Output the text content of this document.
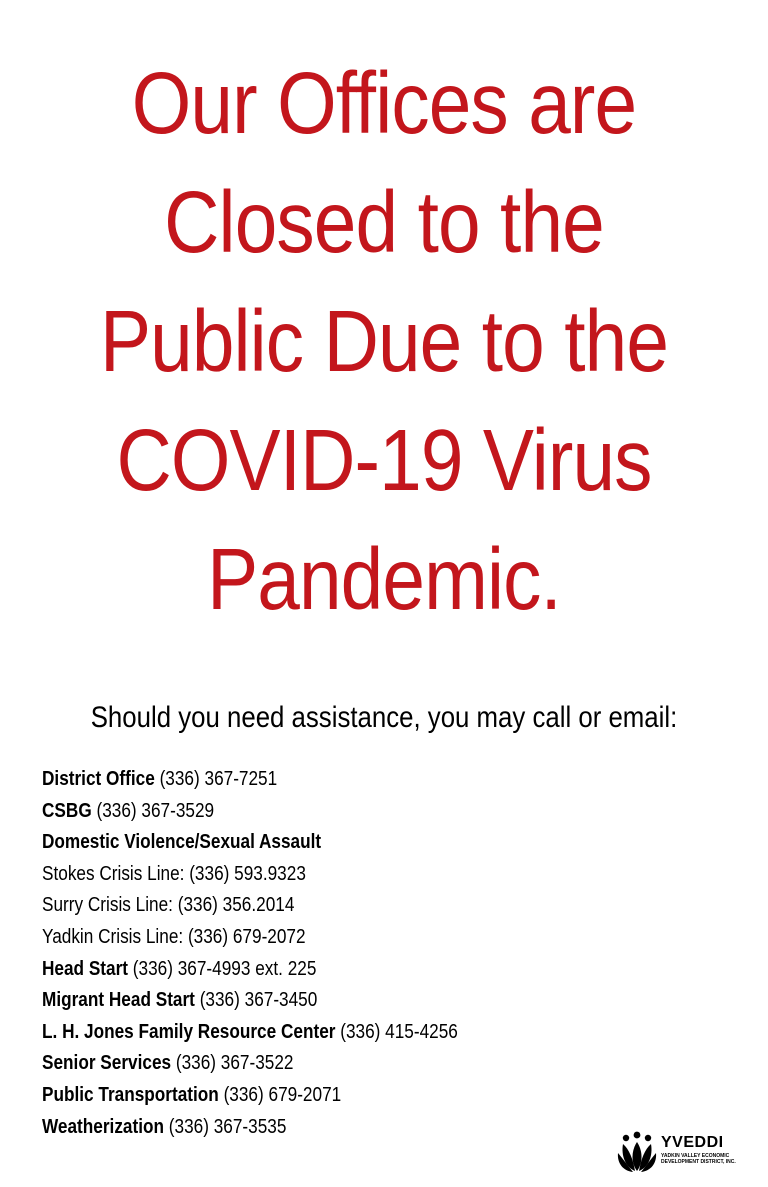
Our Offices are
Closed to the
Public Due to the
COVID-19 Virus
Pandemic.
Should you need assistance, you may call or email:
District Office (336) 367-7251
CSBG (336) 367-3529
Domestic Violence/Sexual Assault
Stokes Crisis Line: (336) 593.9323
Surry Crisis Line: (336) 356.2014
Yadkin Crisis Line: (336) 679-2072
Head Start (336) 367-4993 ext. 225
Migrant Head Start (336) 367-3450
L. H. Jones Family Resource Center (336) 415-4256
Senior Services (336) 367-3522
Public Transportation (336) 679-2071
Weatherization (336) 367-3535
YVEDDI
YADKIN VALLEY ECONOMIC DEVELOPMENT DISTRICT, INC.
